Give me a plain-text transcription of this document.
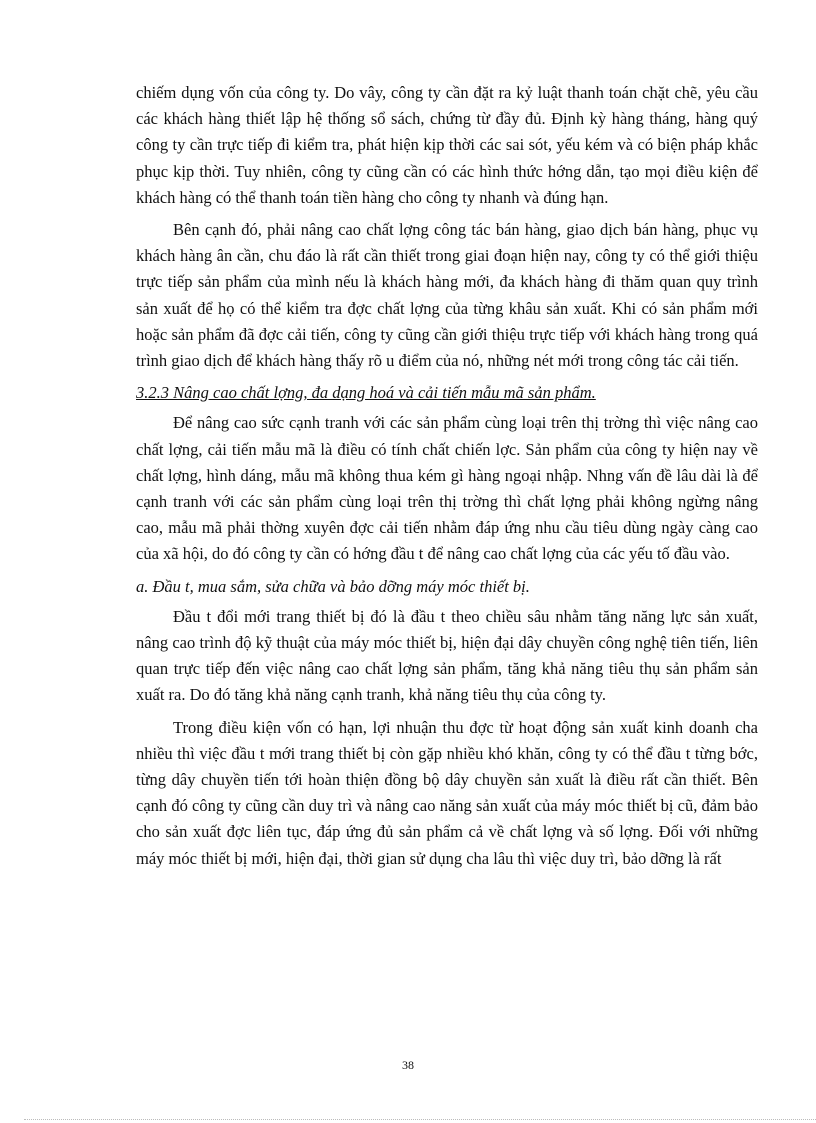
chiếm dụng vốn của công ty. Do vây, công ty cần đặt ra kỷ luật thanh toán chặt chẽ, yêu cầu các khách hàng thiết lập hệ thống sổ sách, chứng từ đầy đủ. Định kỳ hàng tháng, hàng quý công ty cần trực tiếp đi kiểm tra, phát hiện kịp thời các sai sót, yếu kém và có biện pháp khắc phục kịp thời. Tuy nhiên, công ty cũng cần có các hình thức hớng dẫn, tạo mọi điều kiện để khách hàng có thể thanh toán tiền hàng cho công ty nhanh và đúng hạn.

Bên cạnh đó, phải nâng cao chất lợng công tác bán hàng, giao dịch bán hàng, phục vụ khách hàng ân cần, chu đáo là rất cần thiết trong giai đoạn hiện nay, công ty có thể giới thiệu trực tiếp sản phẩm của mình nếu là khách hàng mới, đa khách hàng đi thăm quan quy trình sản xuất để họ có thể kiểm tra đợc chất lợng của từng khâu sản xuất. Khi có sản phẩm mới hoặc sản phẩm đã đợc cải tiến, công ty cũng cần giới thiệu trực tiếp với khách hàng trong quá trình giao dịch để khách hàng thấy rõ u điểm của nó, những nét mới trong công tác cải tiến.

3.2.3 Nâng cao chất lợng, đa dạng hoá và cải tiến mẫu mã sản phẩm.

Để nâng cao sức cạnh tranh với các sản phẩm cùng loại trên thị trờng thì việc nâng cao chất lợng, cải tiến mẫu mã là điều có tính chất chiến lợc. Sản phẩm của công ty hiện nay về chất lợng, hình dáng, mẫu mã không thua kém gì hàng ngoại nhập. Nhng vấn đề lâu dài là để cạnh tranh với các sản phẩm cùng loại trên thị trờng thì chất lợng phải không ngừng nâng cao, mẫu mã phải thờng xuyên đợc cải tiến nhằm đáp ứng nhu cầu tiêu dùng ngày càng cao của xã hội, do đó công ty cần có hớng đầu t để nâng cao chất lợng của các yếu tố đầu vào.

a. Đầu t, mua sắm, sửa chữa và bảo dỡng máy móc thiết bị.

Đầu t đổi mới trang thiết bị đó là đầu t theo chiều sâu nhằm tăng năng lực sản xuất, nâng cao trình độ kỹ thuật của máy móc thiết bị, hiện đại dây chuyền công nghệ tiên tiến, liên quan trực tiếp đến việc nâng cao chất lợng sản phẩm, tăng khả năng tiêu thụ sản phẩm sản xuất ra. Do đó tăng khả năng cạnh tranh, khả năng tiêu thụ của công ty.

Trong điều kiện vốn có hạn, lợi nhuận thu đợc từ hoạt động sản xuất kinh doanh cha nhiều thì việc đầu t mới trang thiết bị còn gặp nhiều khó khăn, công ty có thể đầu t từng bớc, từng dây chuyền tiến tới hoàn thiện đồng bộ dây chuyền sản xuất là điều rất cần thiết. Bên cạnh đó công ty cũng cần duy trì và nâng cao năng sản xuất của máy móc thiết bị cũ, đảm bảo cho sản xuất đợc liên tục, đáp ứng đủ sản phẩm cả về chất lợng và số lợng. Đối với những máy móc thiết bị mới, hiện đại, thời gian sử dụng cha lâu thì việc duy trì, bảo dỡng là rất

38
